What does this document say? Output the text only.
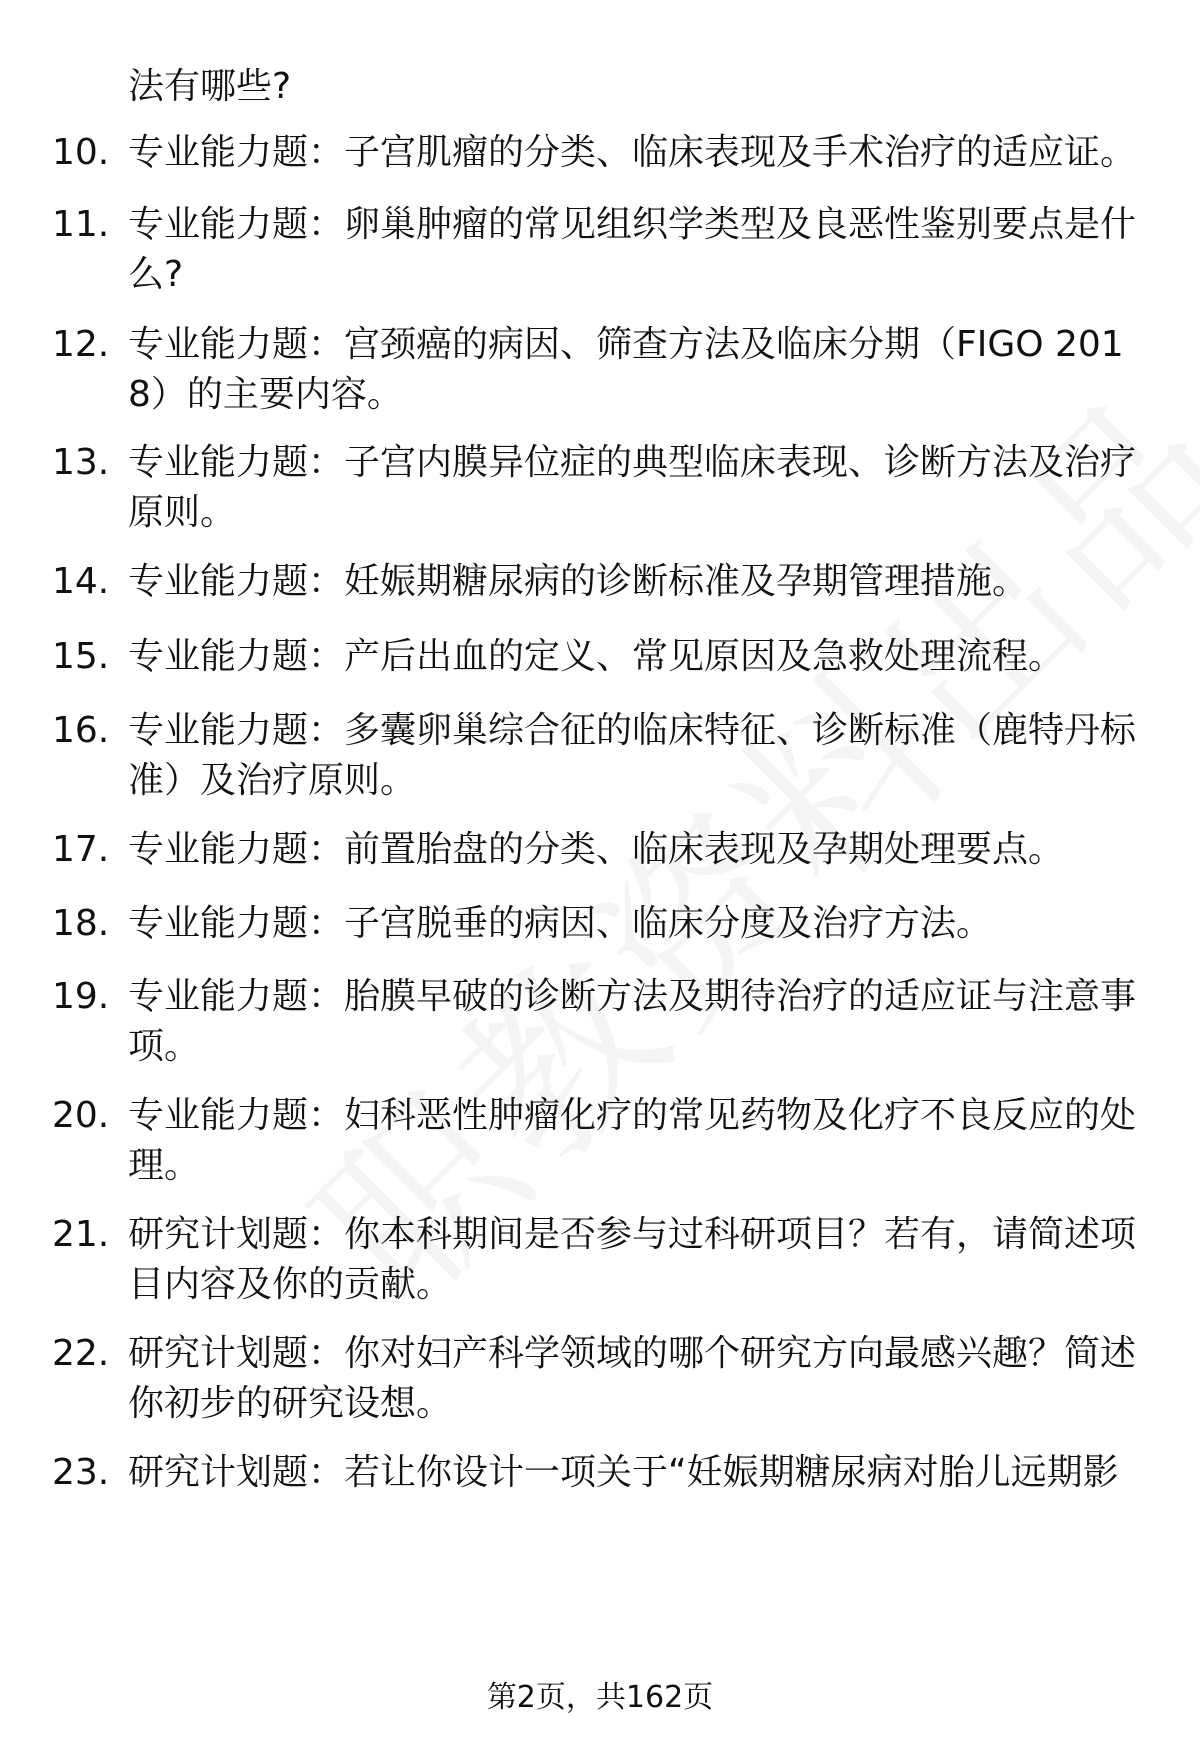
法有哪些?
10. 专业能力题：子宫肌瘤的分类、临床表现及手术治疗的适应证。
11. 专业能力题：卵巢肿瘤的常见组织学类型及良恶性鉴别要点是什么?
12. 专业能力题：宫颈癌的病因、筛查方法及临床分期（FIGO 2018）的主要内容。
13. 专业能力题：子宫内膜异位症的典型临床表现、诊断方法及治疗原则。
14. 专业能力题：妊娠期糖尿病的诊断标准及孕期管理措施。
15. 专业能力题：产后出血的定义、常见原因及急救处理流程。
16. 专业能力题：多囊卵巢综合征的临床特征、诊断标准（鹿特丹标准）及治疗原则。
17. 专业能力题：前置胎盘的分类、临床表现及孕期处理要点。
18. 专业能力题：子宫脱垂的病因、临床分度及治疗方法。
19. 专业能力题：胎膜早破的诊断方法及期待治疗的适应证与注意事项。
20. 专业能力题：妇科恶性肿瘤化疗的常见药物及化疗不良反应的处理。
21. 研究计划题：你本科期间是否参与过科研项目？若有，请简述项目内容及你的贡献。
22. 研究计划题：你对妇产科学领域的哪个研究方向最感兴趣？简述你初步的研究设想。
23. 研究计划题：若让你设计一项关于“妊娠期糖尿病对胎儿远期影
第2页，共162页
